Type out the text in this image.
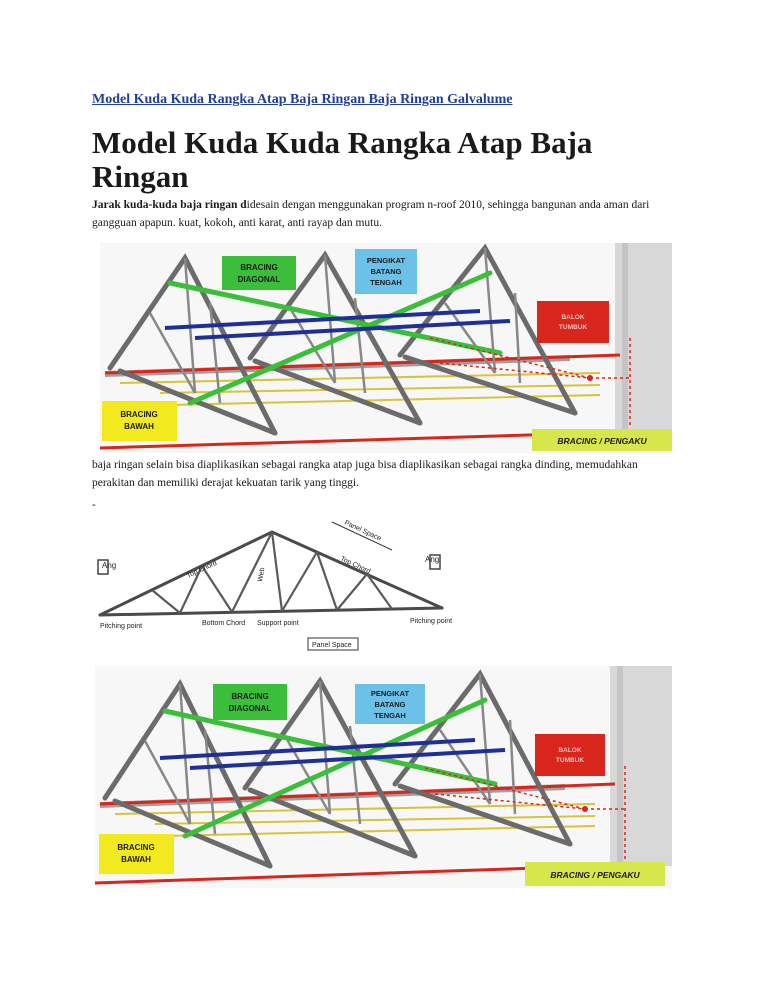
Model Kuda Kuda Rangka Atap Baja Ringan Baja Ringan Galvalume
Model Kuda Kuda Rangka Atap Baja Ringan
Jarak kuda-kuda baja ringan didesain dengan menggunakan program n-roof 2010, sehingga bangunan anda aman dari gangguan apapun. kuat, kokoh, anti karat, anti rayap dan mutu.
BRACING
DIAGONAL
PENGIKAT
BATANG
TENGAH
BALOK
TUMBUK
BRACING
BAWAH
BRACING / PENGAKU
baja ringan selain bisa diaplikasikan sebagai rangka atap juga bisa diaplikasikan sebagai rangka dinding, memudahkan perakitan dan memiliki derajat kekuatan tarik yang tinggi.
-
Ang
Ang
Top Chord	Top Chord
Web
Bottom Chord
Panel Space
Pitching point	Support point	Pitching point
Panel Space
BRACING
DIAGONAL
PENGIKAT
BATANG
TENGAH
BALOK
TUMBUK
BRACING
BAWAH
BRACING / PENGAKU
